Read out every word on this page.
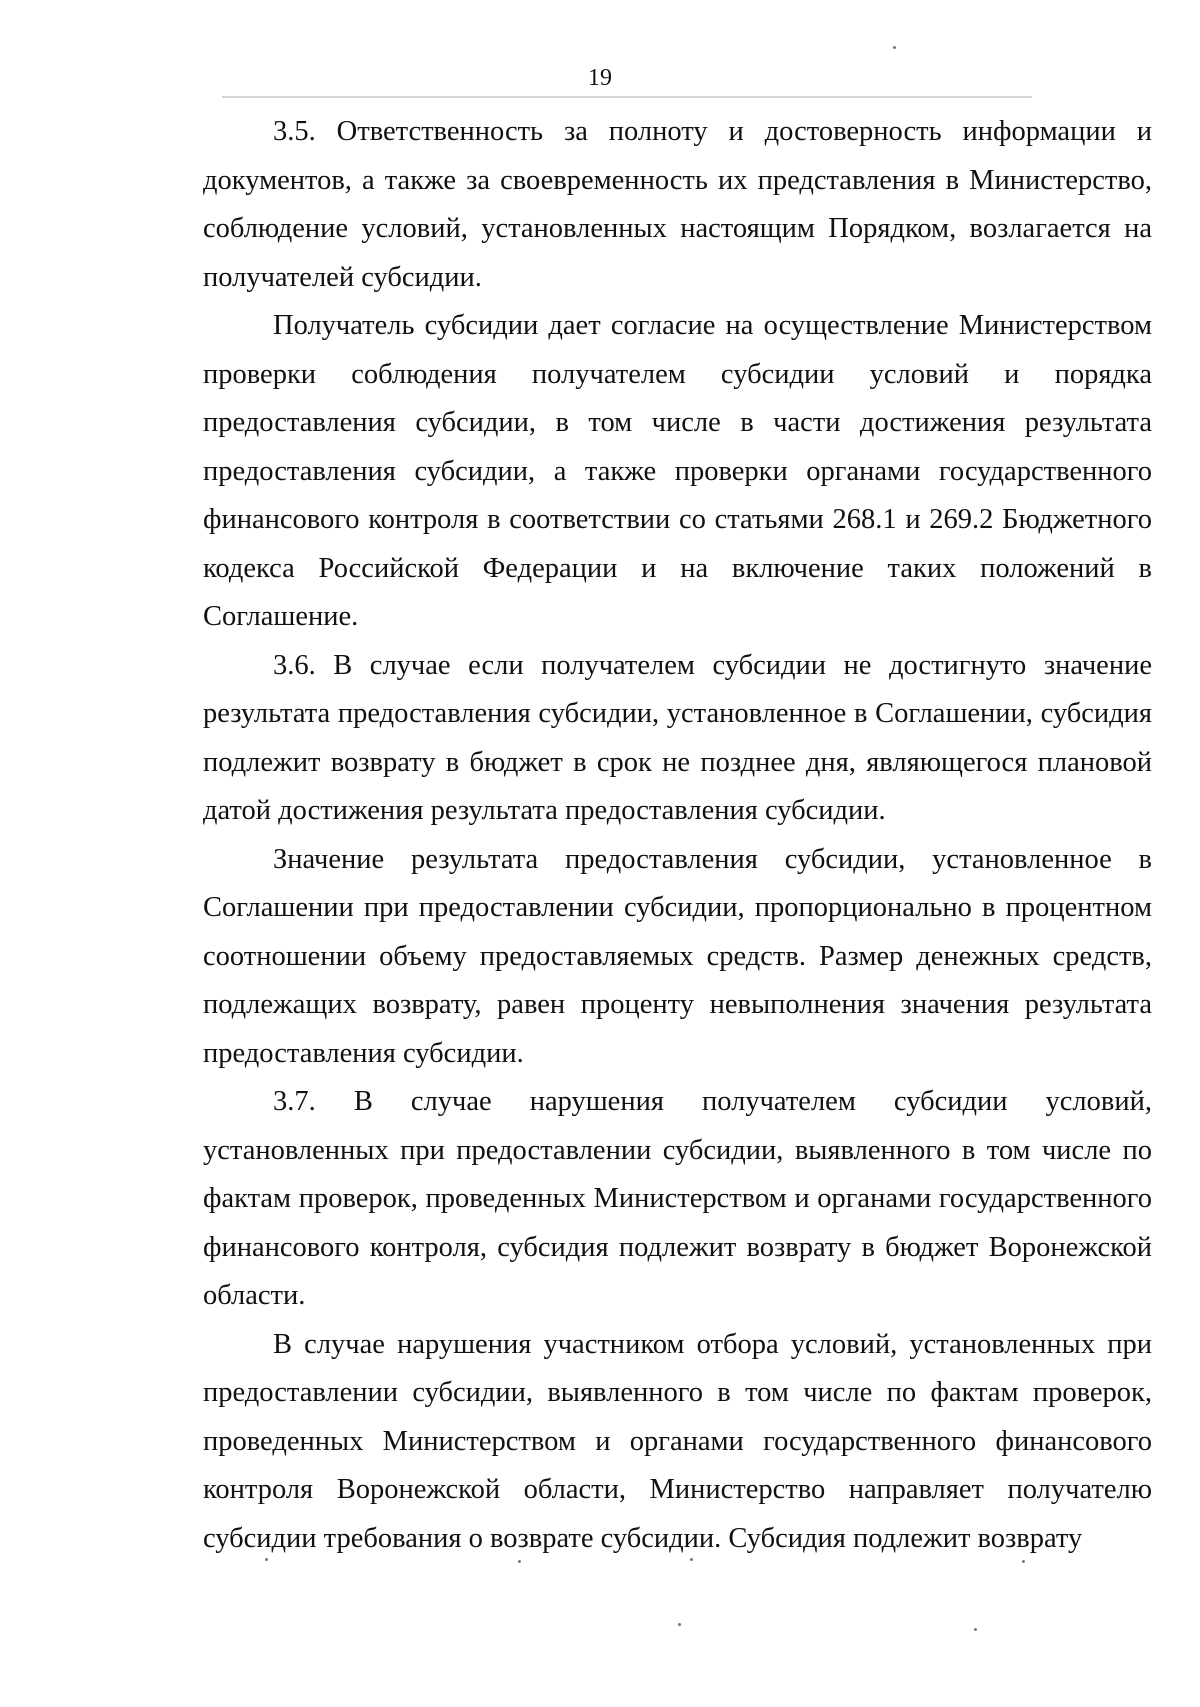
19

3.5. Ответственность за полноту и достоверность информации и документов, а также за своевременность их представления в Министерство, соблюдение условий, установленных настоящим Порядком, возлагается на получателей субсидии.

Получатель субсидии дает согласие на осуществление Министерством проверки соблюдения получателем субсидии условий и порядка предоставления субсидии, в том числе в части достижения результата предоставления субсидии, а также проверки органами государственного финансового контроля в соответствии со статьями 268.1 и 269.2 Бюджетного кодекса Российской Федерации и на включение таких положений в Соглашение.

3.6. В случае если получателем субсидии не достигнуто значение результата предоставления субсидии, установленное в Соглашении, субсидия подлежит возврату в бюджет в срок не позднее дня, являющегося плановой датой достижения результата предоставления субсидии.

Значение результата предоставления субсидии, установленное в Соглашении при предоставлении субсидии, пропорционально в процентном соотношении объему предоставляемых средств. Размер денежных средств, подлежащих возврату, равен проценту невыполнения значения результата предоставления субсидии.

3.7. В случае нарушения получателем субсидии условий, установленных при предоставлении субсидии, выявленного в том числе по фактам проверок, проведенных Министерством и органами государственного финансового контроля, субсидия подлежит возврату в бюджет Воронежской области.

В случае нарушения участником отбора условий, установленных при предоставлении субсидии, выявленного в том числе по фактам проверок, проведенных Министерством и органами государственного финансового контроля Воронежской области, Министерство направляет получателю субсидии требования о возврате субсидии. Субсидия подлежит возврату
